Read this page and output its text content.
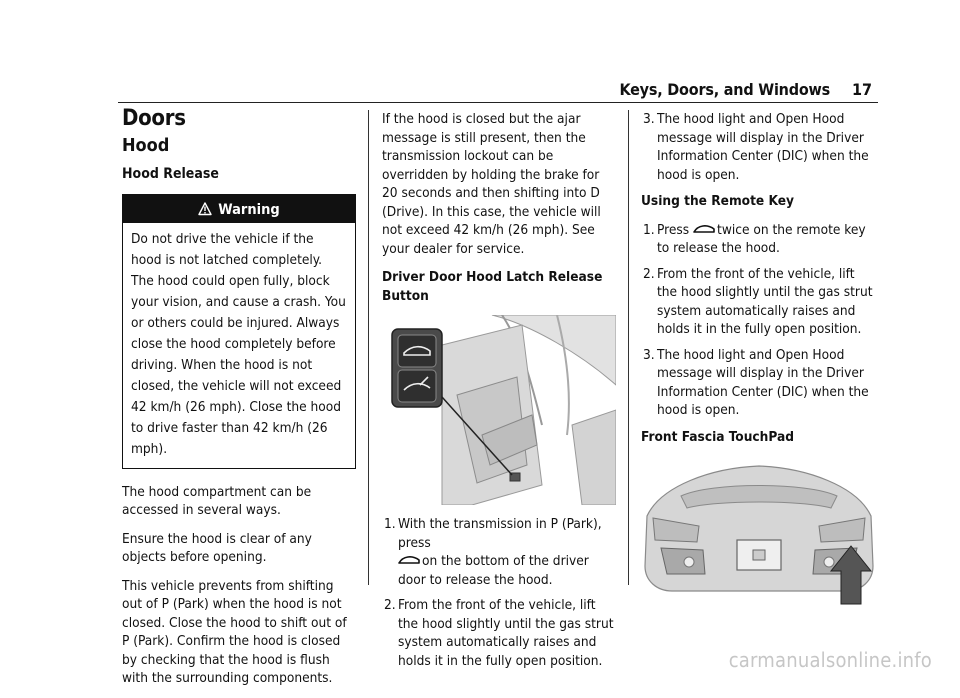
Keys, Doors, and Windows 17
Doors
Hood
Hood Release
Warning
Do not drive the vehicle if the hood is not latched completely. The hood could open fully, block your vision, and cause a crash. You or others could be injured. Always close the hood completely before driving. When the hood is not closed, the vehicle will not exceed 42 km/h (26 mph). Close the hood to drive faster than 42 km/h (26 mph).

The hood compartment can be accessed in several ways.

Ensure the hood is clear of any objects before opening.

This vehicle prevents from shifting out of P (Park) when the hood is not closed. Close the hood to shift out of P (Park). Confirm the hood is closed by checking that the hood is flush with the surrounding components.

If the hood is closed but the ajar message is still present, then the transmission lockout can be overridden by holding the brake for 20 seconds and then shifting into D (Drive). In this case, the vehicle will not exceed 42 km/h (26 mph). See your dealer for service.

Driver Door Hood Latch Release Button

1. With the transmission in P (Park), press
on the bottom of the driver door to release the hood.
2. From the front of the vehicle, lift the hood slightly until the gas strut system automatically raises and holds it in the fully open position.
3. The hood light and Open Hood message will display in the Driver Information Center (DIC) when the hood is open.

Using the Remote Key

1. Press twice on the remote key to release the hood.
2. From the front of the vehicle, lift the hood slightly until the gas strut system automatically raises and holds it in the fully open position.
3. The hood light and Open Hood message will display in the Driver Information Center (DIC) when the hood is open.

Front Fascia TouchPad

carmanualsonline.info
